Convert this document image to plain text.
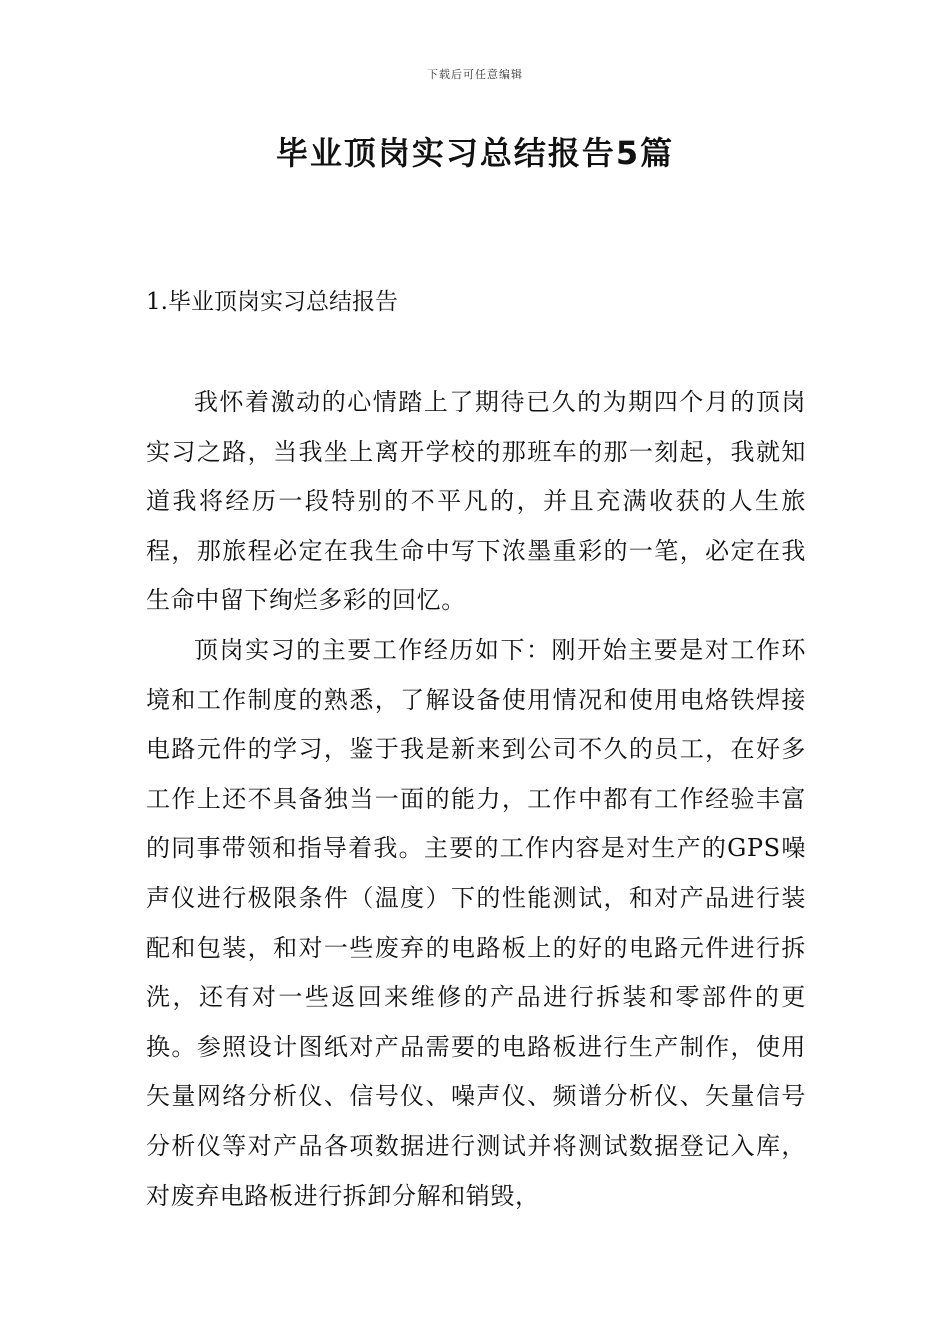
下载后可任意编辑
毕业顶岗实习总结报告5篇
1.毕业顶岗实习总结报告

我怀着激动的心情踏上了期待已久的为期四个月的顶岗实习之路，当我坐上离开学校的那班车的那一刻起，我就知道我将经历一段特别的不平凡的，并且充满收获的人生旅程，那旅程必定在我生命中写下浓墨重彩的一笔，必定在我生命中留下绚烂多彩的回忆。

顶岗实习的主要工作经历如下：刚开始主要是对工作环境和工作制度的熟悉，了解设备使用情况和使用电烙铁焊接电路元件的学习，鉴于我是新来到公司不久的员工，在好多工作上还不具备独当一面的能力，工作中都有工作经验丰富的同事带领和指导着我。主要的工作内容是对生产的GPS噪声仪进行极限条件（温度）下的性能测试，和对产品进行装配和包装，和对一些废弃的电路板上的好的电路元件进行拆洗，还有对一些返回来维修的产品进行拆装和零部件的更换。参照设计图纸对产品需要的电路板进行生产制作，使用矢量网络分析仪、信号仪、噪声仪、频谱分析仪、矢量信号分析仪等对产品各项数据进行测试并将测试数据登记入库，对废弃电路板进行拆卸分解和销毁，
